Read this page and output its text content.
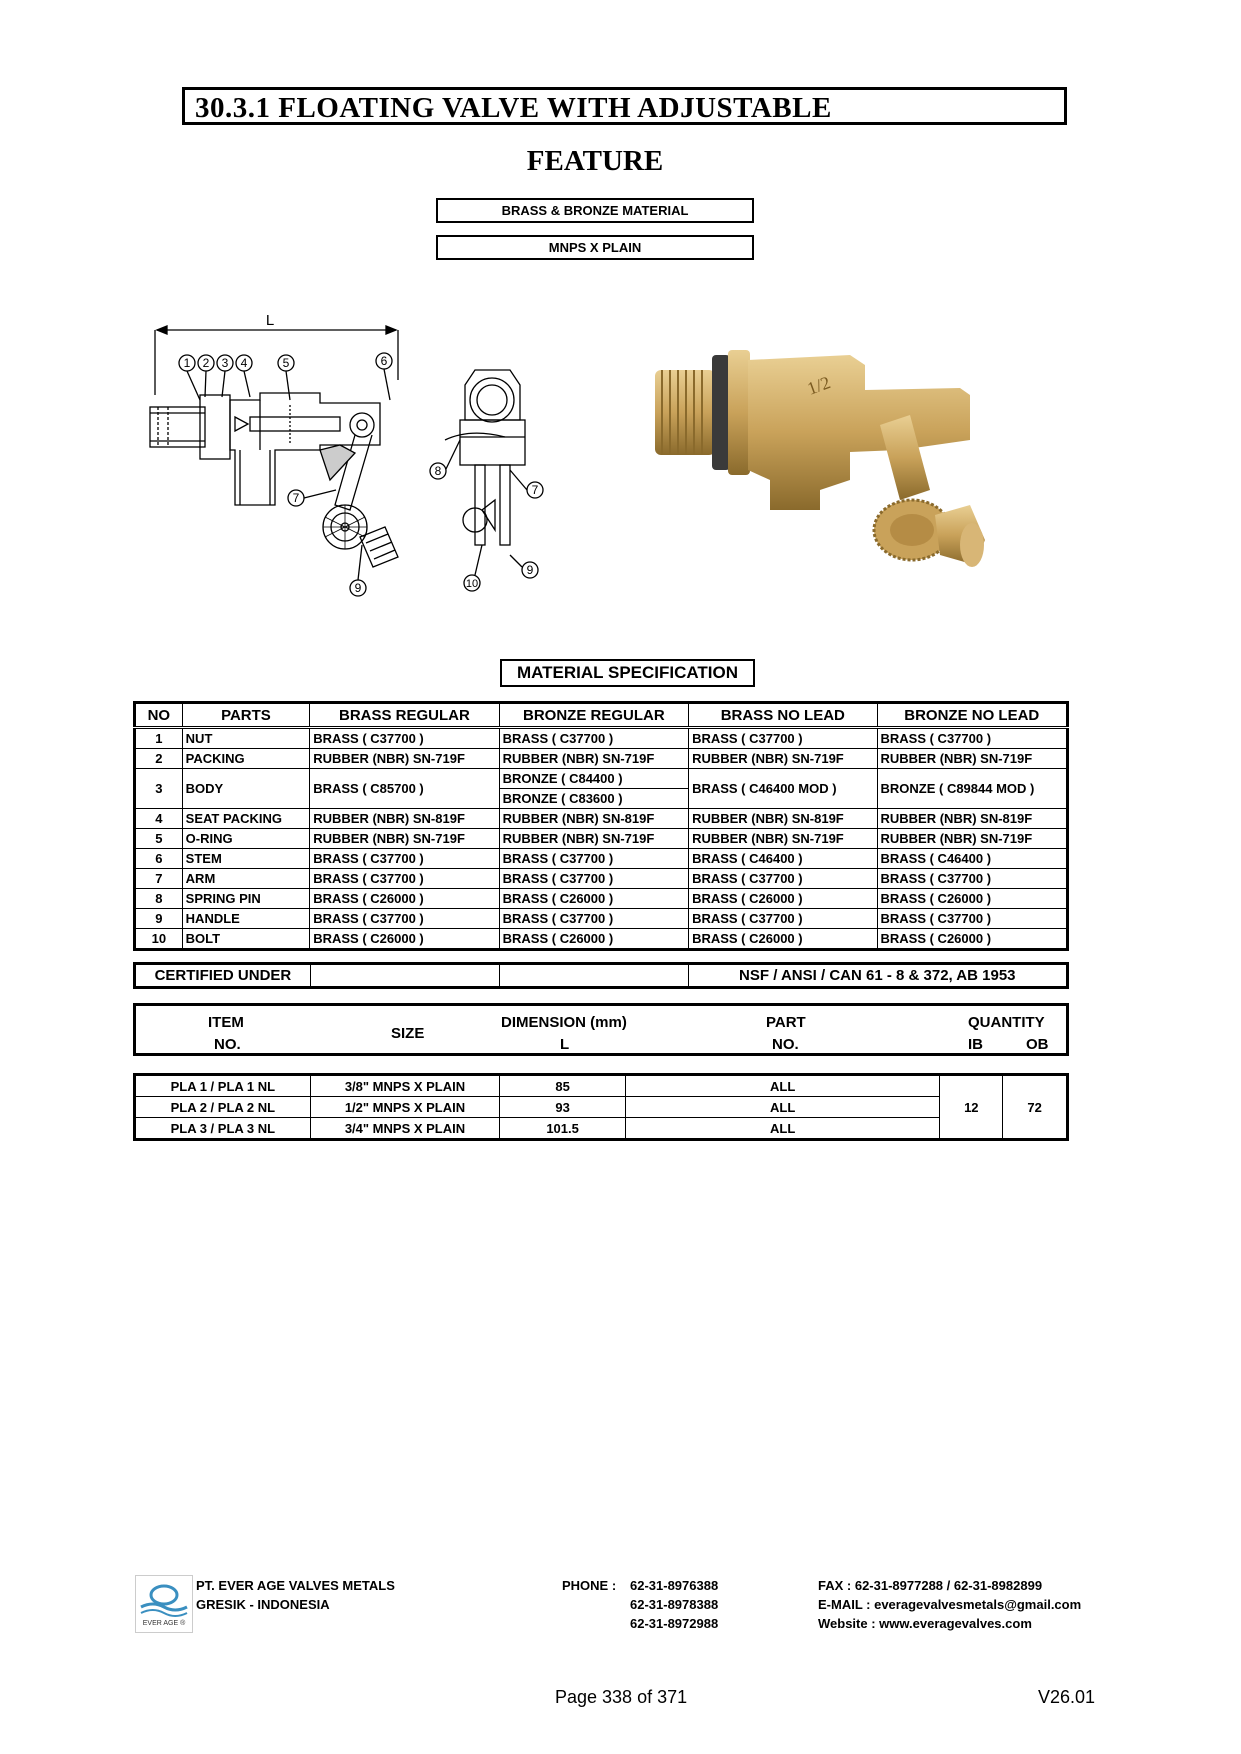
30.3.1 FLOATING VALVE WITH ADJUSTABLE
FEATURE
BRASS & BRONZE MATERIAL
MNPS X PLAIN
L
1 2 3 4	5	6
7
9
8
7
10
9
1/2
MATERIAL SPECIFICATION
NO	PARTS	BRASS REGULAR	BRONZE REGULAR	BRASS NO LEAD	BRONZE NO LEAD
1	NUT	BRASS ( C37700 )	BRASS ( C37700 )	BRASS ( C37700 )	BRASS ( C37700 )
2	PACKING	RUBBER (NBR) SN-719F	RUBBER (NBR) SN-719F	RUBBER (NBR) SN-719F	RUBBER (NBR) SN-719F
3	BODY	BRASS ( C85700 )	BRONZE ( C84400 )	BRASS ( C46400 MOD )	BRONZE ( C89844 MOD )
			BRONZE ( C83600 )		
4	SEAT PACKING	RUBBER (NBR) SN-819F	RUBBER (NBR) SN-819F	RUBBER (NBR) SN-819F	RUBBER (NBR) SN-819F
5	O-RING	RUBBER (NBR) SN-719F	RUBBER (NBR) SN-719F	RUBBER (NBR) SN-719F	RUBBER (NBR) SN-719F
6	STEM	BRASS ( C37700 )	BRASS ( C37700 )	BRASS ( C46400 )	BRASS ( C46400 )
7	ARM	BRASS ( C37700 )	BRASS ( C37700 )	BRASS ( C37700 )	BRASS ( C37700 )
8	SPRING PIN	BRASS ( C26000 )	BRASS ( C26000 )	BRASS ( C26000 )	BRASS ( C26000 )
9	HANDLE	BRASS ( C37700 )	BRASS ( C37700 )	BRASS ( C37700 )	BRASS ( C37700 )
10	BOLT	BRASS ( C26000 )	BRASS ( C26000 )	BRASS ( C26000 )	BRASS ( C26000 )
CERTIFIED UNDER			NSF / ANSI / CAN 61 - 8 & 372, AB 1953
ITEM
NO.
SIZE
DIMENSION (mm)
L
PART
NO.
QUANTITY
IB	OB
PLA 1 / PLA 1 NL	3/8" MNPS X PLAIN	85	ALL	12	72
PLA 2 / PLA 2 NL	1/2" MNPS X PLAIN	93	ALL		
PLA 3 / PLA 3 NL	3/4" MNPS X PLAIN	101.5	ALL		
EVER AGE ®
PT. EVER AGE VALVES METALS
GRESIK - INDONESIA
PHONE : 62-31-8976388
62-31-8978388
62-31-8972988
FAX : 62-31-8977288 / 62-31-8982899
E-MAIL : everagevalvesmetals@gmail.com
Website : www.everagevalves.com
Page 338 of 371	V26.01
